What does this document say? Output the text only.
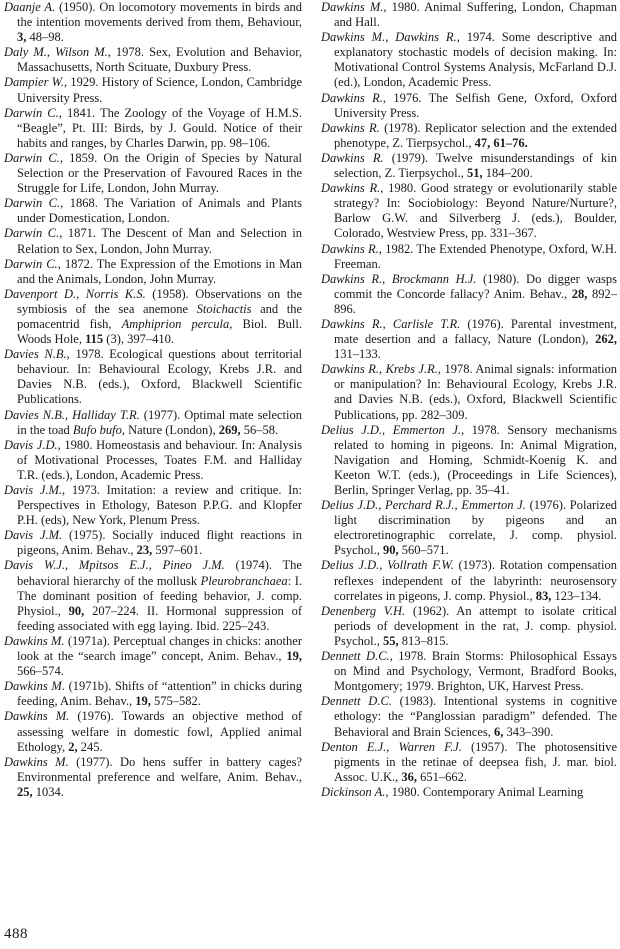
Daanje A. (1950). On locomotory movements in birds and the intention movements derived from them, Behaviour, 3, 48–98.

Daly M., Wilson M., 1978. Sex, Evolution and Behavior, Massachusetts, North Scituate, Duxbury Press.

Dampier W., 1929. History of Science, London, Cambridge University Press.

Darwin C., 1841. The Zoology of the Voyage of H.M.S. “Beagle”, Pt. III: Birds, by J. Gould. Notice of their habits and ranges, by Charles Darwin, pp. 98–106.

Darwin C., 1859. On the Origin of Species by Natural Selection or the Preservation of Favoured Races in the Struggle for Life, London, John Murray.

Darwin C., 1868. The Variation of Animals and Plants under Domestication, London.

Darwin C., 1871. The Descent of Man and Selection in Relation to Sex, London, John Murray.

Darwin C., 1872. The Expression of the Emotions in Man and the Animals, London, John Murray.

Davenport D., Norris K.S. (1958). Observations on the symbiosis of the sea anemone Stoichactis and the pomacentrid fish, Amphiprion percula, Biol. Bull. Woods Hole, 115 (3), 397–410.

Davies N.B., 1978. Ecological questions about territorial behaviour. In: Behavioural Ecology, Krebs J.R. and Davies N.B. (eds.), Oxford, Blackwell Scientific Publications.

Davies N.B., Halliday T.R. (1977). Optimal mate selection in the toad Bufo bufo, Nature (London), 269, 56–58.

Davis J.D., 1980. Homeostasis and behaviour. In: Analysis of Motivational Processes, Toates F.M. and Halliday T.R. (eds.), London, Academic Press.

Davis J.M., 1973. Imitation: a review and critique. In: Perspectives in Ethology, Bateson P.P.G. and Klopfer P.H. (eds), New York, Plenum Press.

Davis J.M. (1975). Socially induced flight reactions in pigeons, Anim. Behav., 23, 597–601.

Davis W.J., Mpitsos E.J., Pineo J.M. (1974). The behavioral hierarchy of the mollusk Pleurobranchaea: I. The dominant position of feeding behavior, J. comp. Physiol., 90, 207–224. II. Hormonal suppression of feeding associated with egg laying. Ibid. 225–243.

Dawkins M. (1971a). Perceptual changes in chicks: another look at the “search image” concept, Anim. Behav., 19, 566–574.

Dawkins M. (1971b). Shifts of “attention” in chicks during feeding, Anim. Behav., 19, 575–582.

Dawkins M. (1976). Towards an objective method of assessing welfare in domestic fowl, Applied animal Ethology, 2, 245.

Dawkins M. (1977). Do hens suffer in battery cages? Environmental preference and welfare, Anim. Behav., 25, 1034.

Dawkins M., 1980. Animal Suffering, London, Chapman and Hall.

Dawkins M., Dawkins R., 1974. Some descriptive and explanatory stochastic models of decision making. In: Motivational Control Systems Analysis, McFarland D.J. (ed.), London, Academic Press.

Dawkins R., 1976. The Selfish Gene, Oxford, Oxford University Press.

Dawkins R. (1978). Replicator selection and the extended phenotype, Z. Tierpsychol., 47, 61–76.

Dawkins R. (1979). Twelve misunderstandings of kin selection, Z. Tierpsychol., 51, 184–200.

Dawkins R., 1980. Good strategy or evolutionarily stable strategy? In: Sociobiology: Beyond Nature/Nurture?, Barlow G.W. and Silverberg J. (eds.), Boulder, Colorado, Westview Press, pp. 331–367.

Dawkins R., 1982. The Extended Phenotype, Oxford, W.H. Freeman.

Dawkins R., Brockmann H.J. (1980). Do digger wasps commit the Concorde fallacy? Anim. Behav., 28, 892–896.

Dawkins R., Carlisle T.R. (1976). Parental investment, mate desertion and a fallacy, Nature (London), 262, 131–133.

Dawkins R., Krebs J.R., 1978. Animal signals: information or manipulation? In: Behavioural Ecology, Krebs J.R. and Davies N.B. (eds.), Oxford, Blackwell Scientific Publications, pp. 282–309.

Delius J.D., Emmerton J., 1978. Sensory mechanisms related to homing in pigeons. In: Animal Migration, Navigation and Homing, Schmidt-Koenig K. and Keeton W.T. (eds.), (Proceedings in Life Sciences), Berlin, Springer Verlag, pp. 35–41.

Delius J.D., Perchard R.J., Emmerton J. (1976). Polarized light discrimination by pigeons and an electroretinographic correlate, J. comp. physiol. Psychol., 90, 560–571.

Delius J.D., Vollrath F.W. (1973). Rotation compensation reflexes independent of the labyrinth: neurosensory correlates in pigeons, J. comp. Physiol., 83, 123–134.

Denenberg V.H. (1962). An attempt to isolate critical periods of development in the rat, J. comp. physiol. Psychol., 55, 813–815.

Dennett D.C., 1978. Brain Storms: Philosophical Essays on Mind and Psychology, Vermont, Bradford Books, Montgomery; 1979. Brighton, UK, Harvest Press.

Dennett D.C. (1983). Intentional systems in cognitive ethology: the “Panglossian paradigm” defended. The Behavioral and Brain Sciences, 6, 343–390.

Denton E.J., Warren F.J. (1957). The photosensitive pigments in the retinae of deepsea fish, J. mar. biol. Assoc. U.K., 36, 651–662.

Dickinson A., 1980. Contemporary Animal Learning

488
